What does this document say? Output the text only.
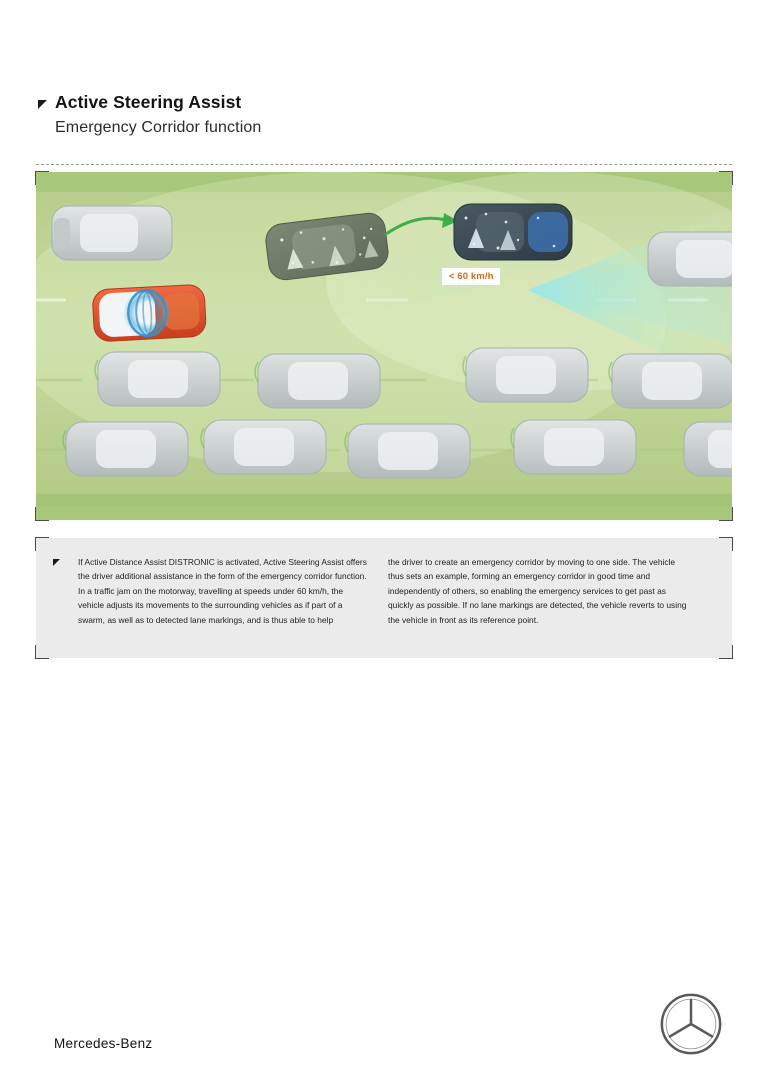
Active Steering Assist
Emergency Corridor function
< 60 km/h
If Active Distance Assist DISTRONIC is activated, Active Steering Assist offers the driver additional assistance in the form of the emergency corridor function. In a traffic jam on the motorway, travelling at speeds under 60 km/h, the vehicle adjusts its movements to the surrounding vehicles as if part of a swarm, as well as to detected lane markings, and is thus able to help
the driver to create an emergency corridor by moving to one side. The vehicle thus sets an example, forming an emergency corridor in good time and independently of others, so enabling the emergency services to get past as quickly as possible. If no lane markings are detected, the vehicle reverts to using the vehicle in front as its reference point.
Mercedes-Benz
